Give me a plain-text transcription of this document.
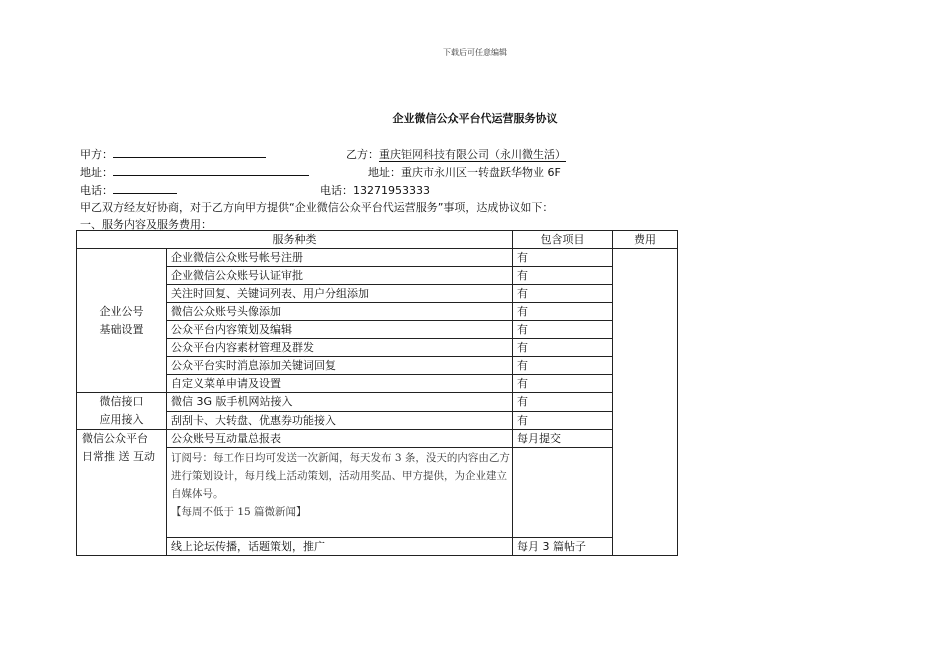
下载后可任意编辑
企业微信公众平台代运营服务协议
甲方：	乙方：重庆钜网科技有限公司（永川微生活）
地址：	地址：重庆市永川区一转盘跃华物业 6F
电话：	电话：13271953333
甲乙双方经友好协商，对于乙方向甲方提供“企业微信公众平台代运营服务”事项，达成协议如下：
一、服务内容及服务费用：
服务种类		包含项目	费用
企业公号
基础设置	企业微信公众账号帐号注册	有	
	企业微信公众账号认证审批	有	
	关注时回复、关键词列表、用户分组添加	有	
	微信公众账号头像添加	有	
	公众平台内容策划及编辑	有	
	公众平台内容素材管理及群发	有	
	公众平台实时消息添加关键词回复	有	
	自定义菜单申请及设置	有	
微信接口
应用接入	微信 3G 版手机网站接入	有	
	刮刮卡、大转盘、优惠券功能接入	有	
微信公众平台
日常推 送 互动	公众账号互动量总报表	每月提交	
	订阅号：每工作日均可发送一次新闻，每天发布 3 条，没天的内容由乙方进行策划设计，每月线上活动策划，活动用奖品、甲方提供，为企业建立自媒体号。
【每周不低于 15 篇微新闻】		
	线上论坛传播，话题策划，推广	每月 3 篇帖子	
